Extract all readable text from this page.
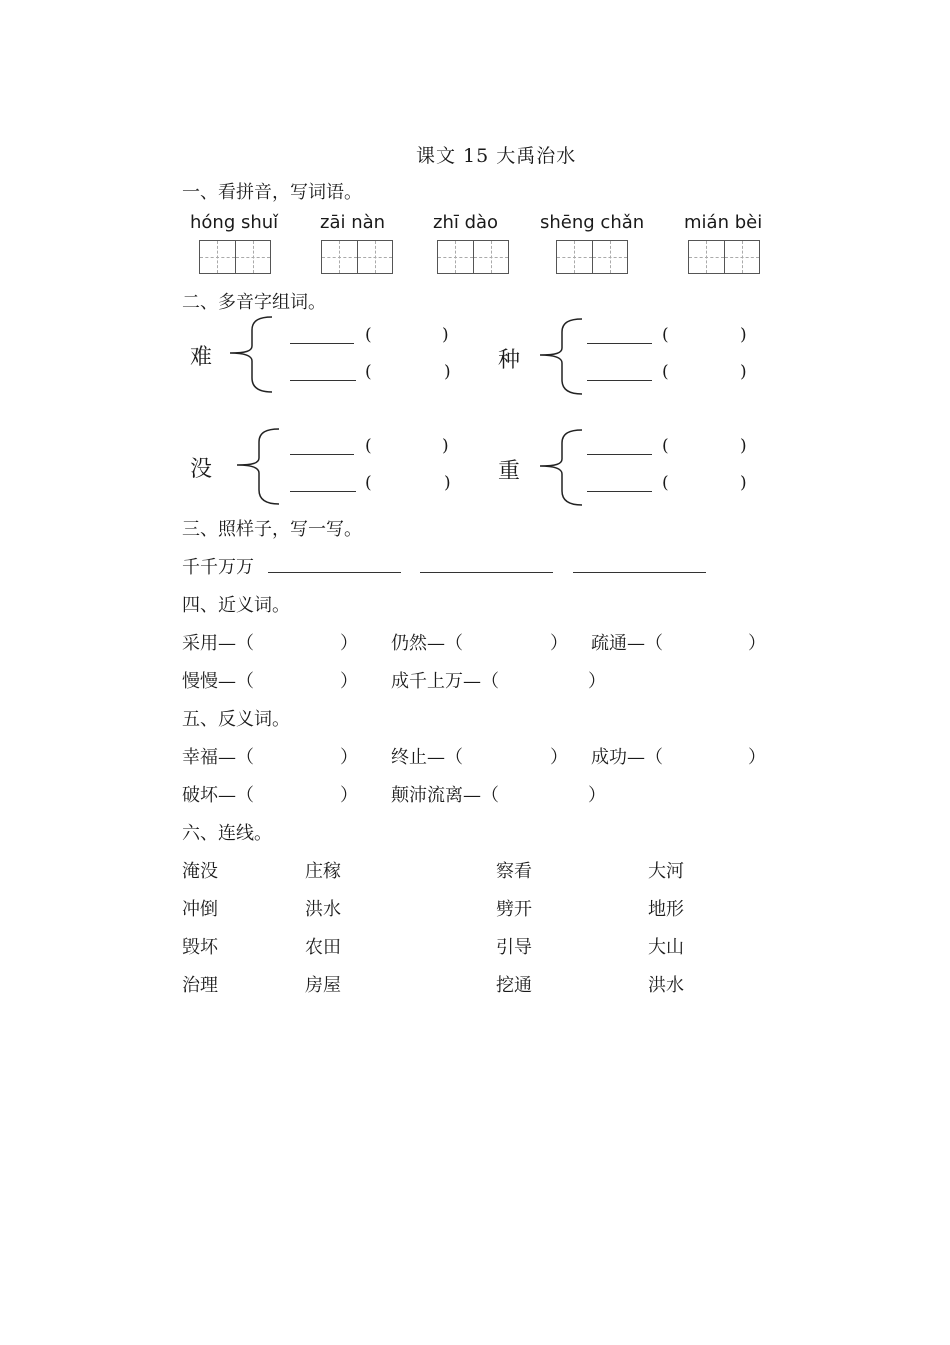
课文 15 大禹治水
一、看拼音，写词语。
hóng shuǐ zāi nàn	zhī dào shēng chǎn mián bèi
二、多音字组词。
难
(	)
(	) 种
(	)
(	)
没
(	)
(	) 重
(	)
(	)
三、照样子，写一写。
千千万万
四、近义词。
采用—（	） 仍然—（	） 疏通—（	）
慢慢—（	） 成千上万—（	）
五、反义词。
幸福—（	） 终止—（	） 成功—（	）
破坏—（	） 颠沛流离—（	）
六、连线。
淹没	庄稼	察看	大河
冲倒	洪水	劈开	地形
毁坏	农田	引导	大山
治理	房屋	挖通	洪水
